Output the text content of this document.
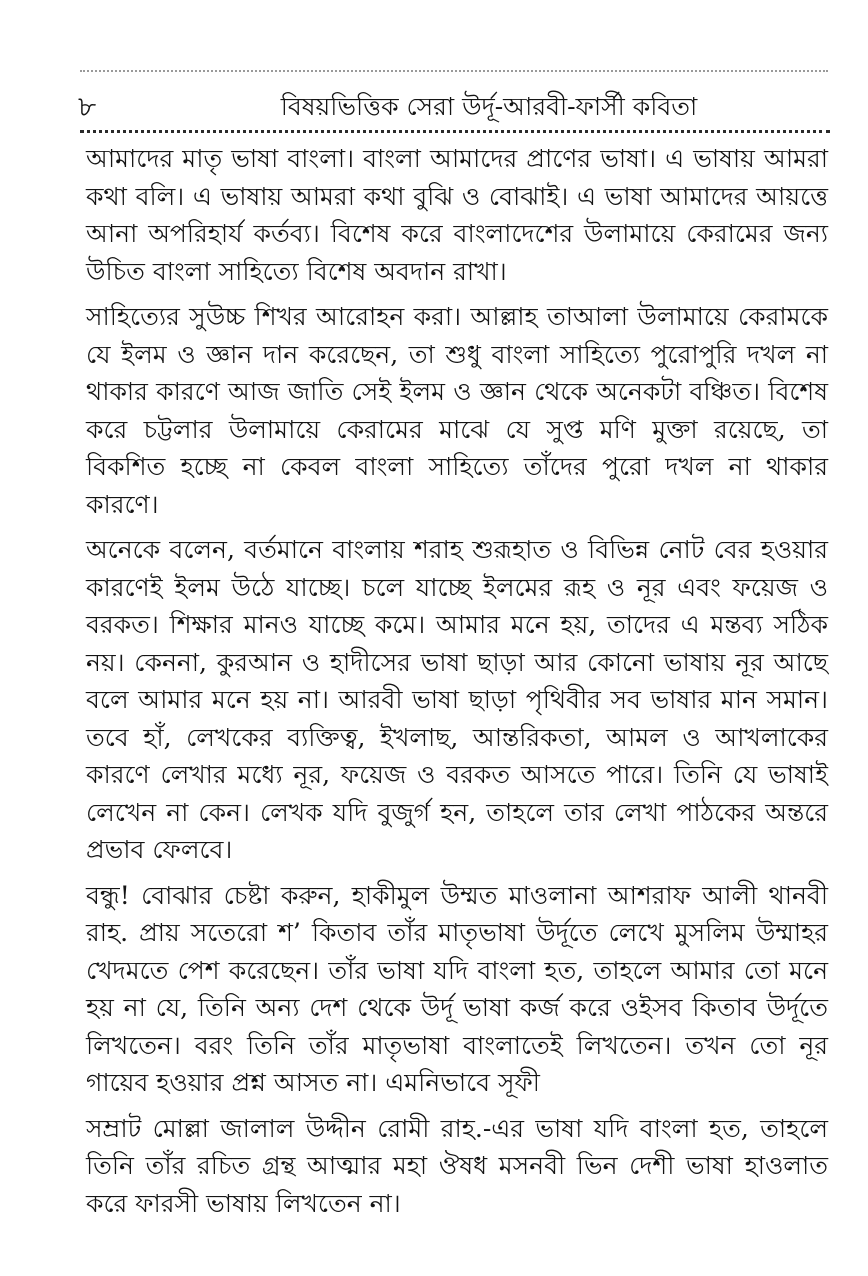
৮	বিষয়ভিত্তিক সেরা উর্দূ-আরবী-ফার্সী কবিতা

আমাদের মাতৃ ভাষা বাংলা। বাংলা আমাদের প্রাণের ভাষা। এ ভাষায় আমরা কথা বলি। এ ভাষায় আমরা কথা বুঝি ও বোঝাই। এ ভাষা আমাদের আয়ত্তে আনা অপরিহার্য কর্তব্য। বিশেষ করে বাংলাদেশের উলামায়ে কেরামের জন্য উচিত বাংলা সাহিত্যে বিশেষ অবদান রাখা।

সাহিত্যের সুউচ্চ শিখর আরোহন করা। আল্লাহ তাআলা উলামায়ে কেরামকে যে ইলম ও জ্ঞান দান করেছেন, তা শুধু বাংলা সাহিত্যে পুরোপুরি দখল না থাকার কারণে আজ জাতি সেই ইলম ও জ্ঞান থেকে অনেকটা বঞ্চিত। বিশেষ করে চট্টলার উলামায়ে কেরামের মাঝে যে সুপ্ত মণি মুক্তা রয়েছে, তা বিকশিত হচ্ছে না কেবল বাংলা সাহিত্যে তাঁদের পুরো দখল না থাকার কারণে।

অনেকে বলেন, বর্তমানে বাংলায় শরাহ শুরূহাত ও বিভিন্ন নোট বের হওয়ার কারণেই ইলম উঠে যাচ্ছে। চলে যাচ্ছে ইলমের রূহ ও নূর এবং ফয়েজ ও বরকত। শিক্ষার মানও যাচ্ছে কমে। আমার মনে হয়, তাদের এ মন্তব্য সঠিক নয়। কেননা, কুরআন ও হাদীসের ভাষা ছাড়া আর কোনো ভাষায় নূর আছে বলে আমার মনে হয় না। আরবী ভাষা ছাড়া পৃথিবীর সব ভাষার মান সমান। তবে হাঁ, লেখকের ব্যক্তিত্ব, ইখলাছ, আন্তরিকতা, আমল ও আখলাকের কারণে লেখার মধ্যে নূর, ফয়েজ ও বরকত আসতে পারে। তিনি যে ভাষাই লেখেন না কেন। লেখক যদি বুজুর্গ হন, তাহলে তার লেখা পাঠকের অন্তরে প্রভাব ফেলবে।

বন্ধু! বোঝার চেষ্টা করুন, হাকীমুল উম্মত মাওলানা আশরাফ আলী থানবী রাহ. প্রায় সতেরো শ’ কিতাব তাঁর মাতৃভাষা উর্দূতে লেখে মুসলিম উম্মাহর খেদমতে পেশ করেছেন। তাঁর ভাষা যদি বাংলা হত, তাহলে আমার তো মনে হয় না যে, তিনি অন্য দেশ থেকে উর্দূ ভাষা কর্জ করে ওইসব কিতাব উর্দূতে লিখতেন। বরং তিনি তাঁর মাতৃভাষা বাংলাতেই লিখতেন। তখন তো নূর গায়েব হওয়ার প্রশ্ন আসত না। এমনিভাবে সূফী

সম্রাট মোল্লা জালাল উদ্দীন রোমী রাহ.-এর ভাষা যদি বাংলা হত, তাহলে তিনি তাঁর রচিত গ্রন্থ আত্মার মহা ঔষধ মসনবী ভিন দেশী ভাষা হাওলাত করে ফারসী ভাষায় লিখতেন না।
